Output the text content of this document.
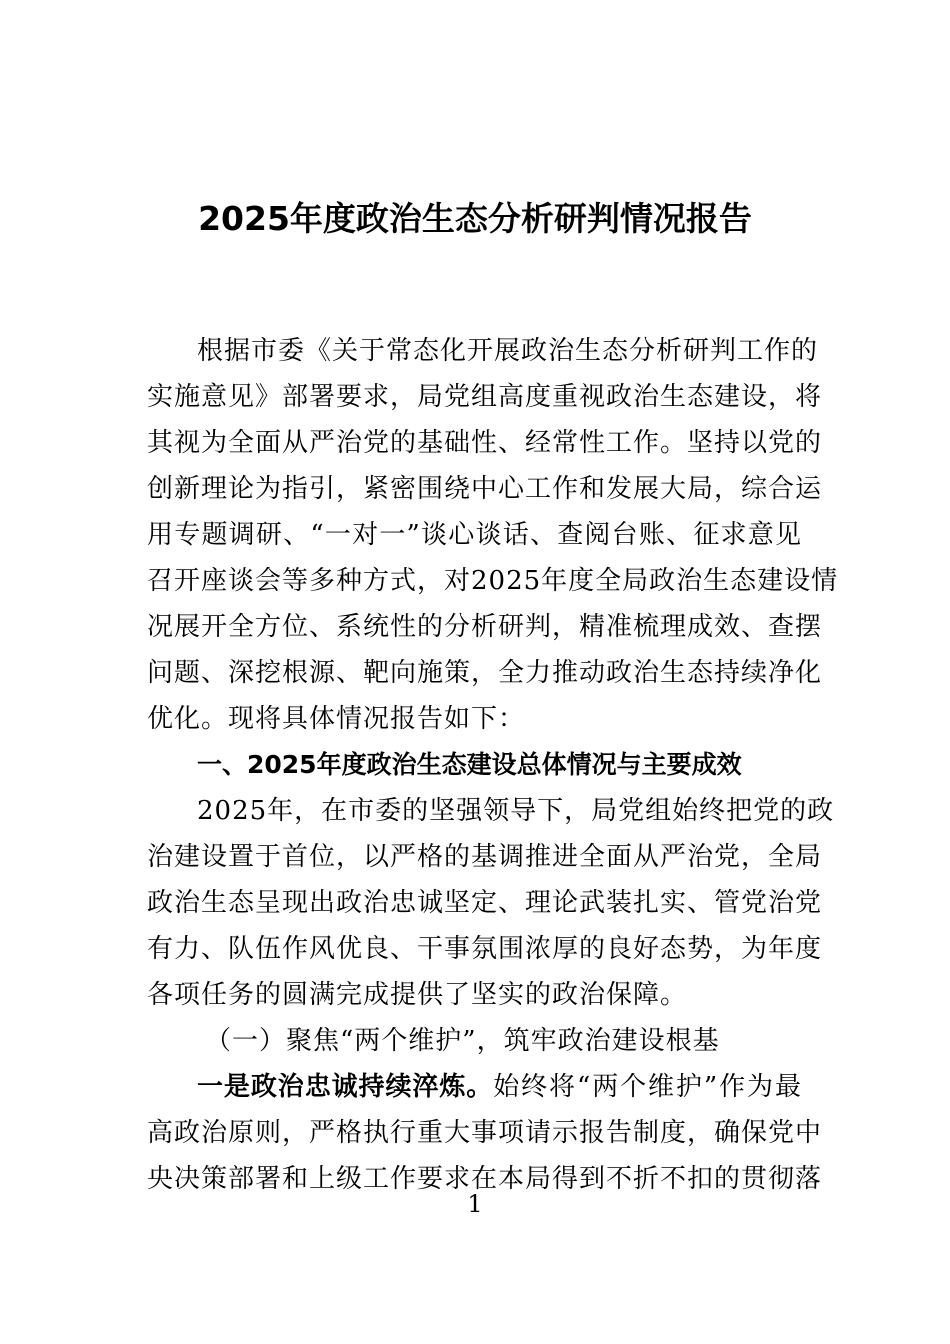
2025年度政治生态分析研判情况报告
根据市委《关于常态化开展政治生态分析研判工作的
实施意见》部署要求，局党组高度重视政治生态建设，将
其视为全面从严治党的基础性、经常性工作。坚持以党的
创新理论为指引，紧密围绕中心工作和发展大局，综合运
用专题调研、“一对一”谈心谈话、查阅台账、征求意见
召开座谈会等多种方式，对2025年度全局政治生态建设情
况展开全方位、系统性的分析研判，精准梳理成效、查摆
问题、深挖根源、靶向施策，全力推动政治生态持续净化
优化。现将具体情况报告如下：
一、2025年度政治生态建设总体情况与主要成效
2025年，在市委的坚强领导下，局党组始终把党的政
治建设置于首位，以严格的基调推进全面从严治党，全局
政治生态呈现出政治忠诚坚定、理论武装扎实、管党治党
有力、队伍作风优良、干事氛围浓厚的良好态势，为年度
各项任务的圆满完成提供了坚实的政治保障。
（一）聚焦“两个维护”，筑牢政治建设根基
一是政治忠诚持续淬炼。始终将“两个维护”作为最
高政治原则，严格执行重大事项请示报告制度，确保党中
央决策部署和上级工作要求在本局得到不折不扣的贯彻落
1
